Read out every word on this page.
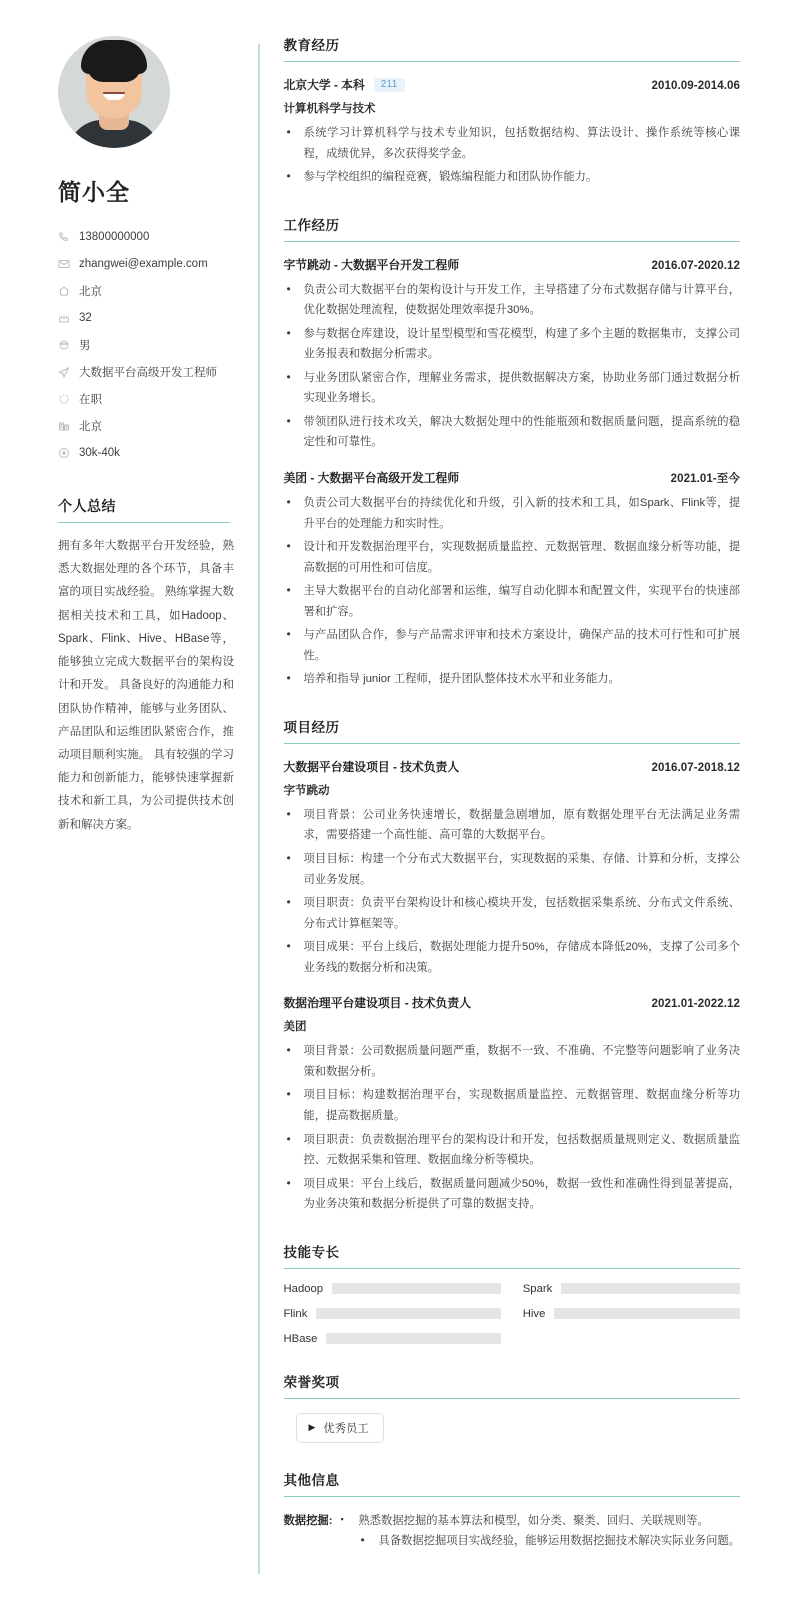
简小全
13800000000
zhangwei@example.com
北京
32
男
大数据平台高级开发工程师
在职
北京
30k-40k
个人总结
拥有多年大数据平台开发经验，熟悉大数据处理的各个环节，具备丰富的项目实战经验。 熟练掌握大数据相关技术和工具，如Hadoop、Spark、Flink、Hive、HBase等，能够独立完成大数据平台的架构设计和开发。 具备良好的沟通能力和团队协作精神，能够与业务团队、产品团队和运维团队紧密合作，推动项目顺利实施。 具有较强的学习能力和创新能力，能够快速掌握新技术和新工具，为公司提供技术创新和解决方案。
教育经历
北京大学 - 本科	211	2010.09-2014.06
计算机科学与技术
• 系统学习计算机科学与技术专业知识，包括数据结构、算法设计、操作系统等核心课程，成绩优异，多次获得奖学金。
• 参与学校组织的编程竞赛，锻炼编程能力和团队协作能力。
工作经历
字节跳动 - 大数据平台开发工程师	2016.07-2020.12
• 负责公司大数据平台的架构设计与开发工作，主导搭建了分布式数据存储与计算平台，优化数据处理流程，使数据处理效率提升30%。
• 参与数据仓库建设，设计星型模型和雪花模型，构建了多个主题的数据集市，支撑公司业务报表和数据分析需求。
• 与业务团队紧密合作，理解业务需求，提供数据解决方案，协助业务部门通过数据分析实现业务增长。
• 带领团队进行技术攻关，解决大数据处理中的性能瓶颈和数据质量问题，提高系统的稳定性和可靠性。
美团 - 大数据平台高级开发工程师	2021.01-至今
• 负责公司大数据平台的持续优化和升级，引入新的技术和工具，如Spark、Flink等，提升平台的处理能力和实时性。
• 设计和开发数据治理平台，实现数据质量监控、元数据管理、数据血缘分析等功能，提高数据的可用性和可信度。
• 主导大数据平台的自动化部署和运维，编写自动化脚本和配置文件，实现平台的快速部署和扩容。
• 与产品团队合作，参与产品需求评审和技术方案设计，确保产品的技术可行性和可扩展性。
• 培养和指导 junior 工程师，提升团队整体技术水平和业务能力。
项目经历
大数据平台建设项目 - 技术负责人	2016.07-2018.12
字节跳动
• 项目背景：公司业务快速增长，数据量急剧增加，原有数据处理平台无法满足业务需求，需要搭建一个高性能、高可靠的大数据平台。
• 项目目标：构建一个分布式大数据平台，实现数据的采集、存储、计算和分析，支撑公司业务发展。
• 项目职责：负责平台架构设计和核心模块开发，包括数据采集系统、分布式文件系统、分布式计算框架等。
• 项目成果：平台上线后，数据处理能力提升50%，存储成本降低20%，支撑了公司多个业务线的数据分析和决策。
数据治理平台建设项目 - 技术负责人	2021.01-2022.12
美团
• 项目背景：公司数据质量问题严重，数据不一致、不准确、不完整等问题影响了业务决策和数据分析。
• 项目目标：构建数据治理平台，实现数据质量监控、元数据管理、数据血缘分析等功能，提高数据质量。
• 项目职责：负责数据治理平台的架构设计和开发，包括数据质量规则定义、数据质量监控、元数据采集和管理、数据血缘分析等模块。
• 项目成果：平台上线后，数据质量问题减少50%，数据一致性和准确性得到显著提高，为业务决策和数据分析提供了可靠的数据支持。
技能专长
Hadoop	Spark
Flink	Hive
HBase
荣誉奖项
▶ 优秀员工
其他信息
数据挖掘:	▪ 熟悉数据挖掘的基本算法和模型，如分类、聚类、回归、关联规则等。
• 具备数据挖掘项目实战经验，能够运用数据挖掘技术解决实际业务问题。
